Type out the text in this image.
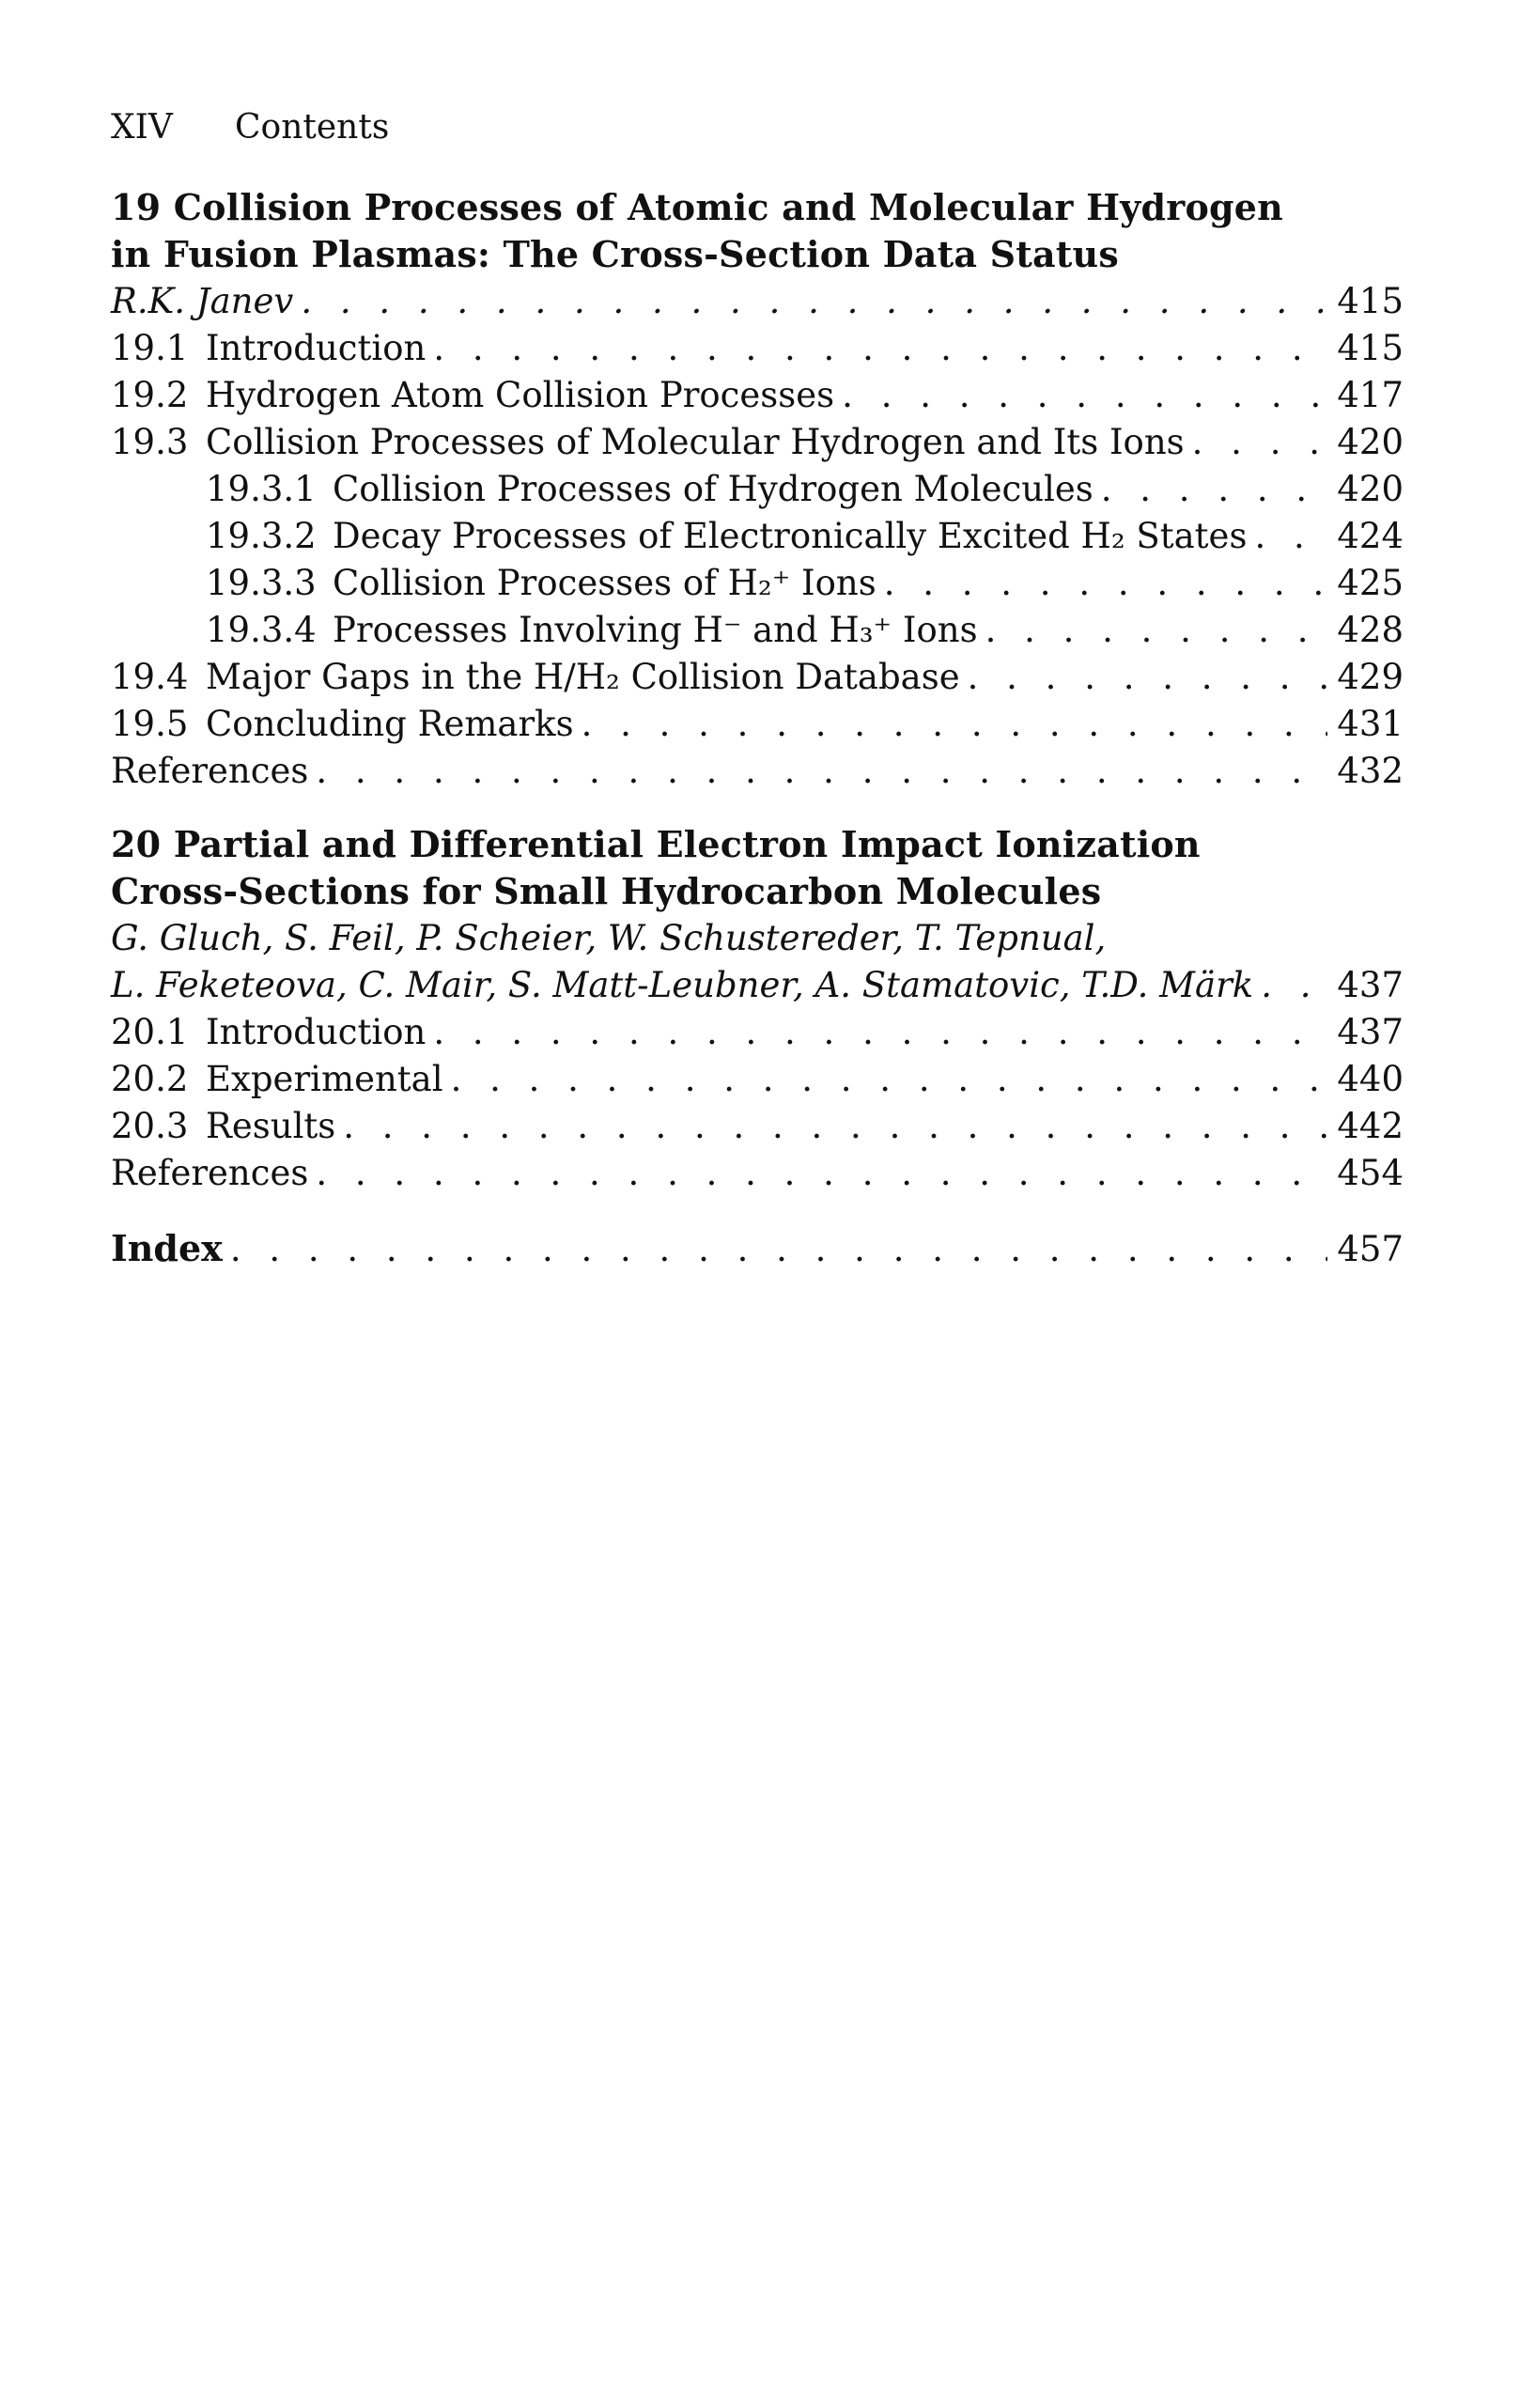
XIV Contents
19 Collision Processes of Atomic and Molecular Hydrogen
in Fusion Plasmas: The Cross-Section Data Status
R.K. Janev . . .	415
19.1 Introduction . . .	415
19.2 Hydrogen Atom Collision Processes . . .	417
19.3 Collision Processes of Molecular Hydrogen and Its Ions . . .	420
19.3.1 Collision Processes of Hydrogen Molecules . . .	420
19.3.2 Decay Processes of Electronically Excited H₂ States . . .	424
19.3.3 Collision Processes of H₂⁺ Ions . . .	425
19.3.4 Processes Involving H⁻ and H₃⁺ Ions . . .	428
19.4 Major Gaps in the H/H₂ Collision Database . . .	429
19.5 Concluding Remarks . . .	431
References . . .	432
20 Partial and Differential Electron Impact Ionization
Cross-Sections for Small Hydrocarbon Molecules
G. Gluch, S. Feil, P. Scheier, W. Schustereder, T. Tepnual,
L. Feketeova, C. Mair, S. Matt-Leubner, A. Stamatovic, T.D. Märk . . . 437
20.1 Introduction . . .	437
20.2 Experimental . . .	440
20.3 Results . . .	442
References . . .	454
Index . . .	457
